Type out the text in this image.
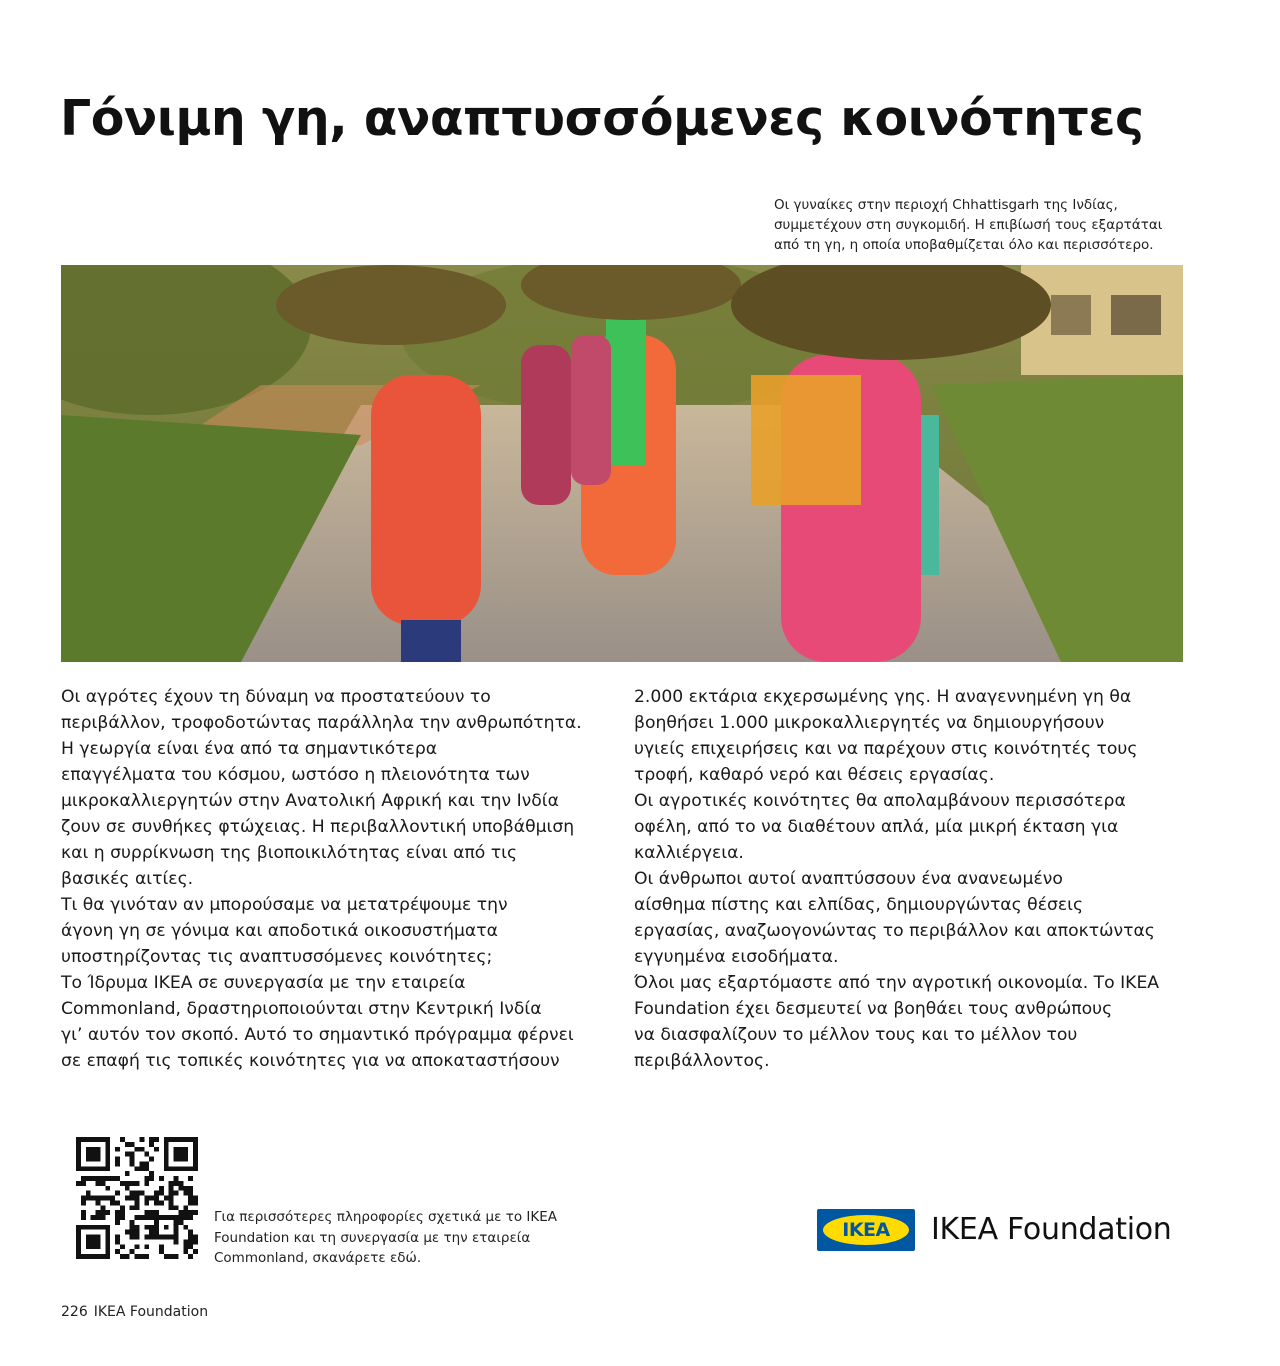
Γόνιμη γη, αναπτυσσόμενες κοινότητες
Οι γυναίκες στην περιοχή Chhattisgarh της Ινδίας,
συμμετέχουν στη συγκομιδή. Η επιβίωσή τους εξαρτάται
από τη γη, η οποία υποβαθμίζεται όλο και περισσότερο.
Οι αγρότες έχουν τη δύναμη να προστατεύουν το
περιβάλλον, τροφοδοτώντας παράλληλα την ανθρωπότητα.
Η γεωργία είναι ένα από τα σημαντικότερα
επαγγέλματα του κόσμου, ωστόσο η πλειονότητα των
μικροκαλλιεργητών στην Ανατολική Αφρική και την Ινδία
ζουν σε συνθήκες φτώχειας. Η περιβαλλοντική υποβάθμιση
και η συρρίκνωση της βιοποικιλότητας είναι από τις
βασικές αιτίες.
Τι θα γινόταν αν μπορούσαμε να μετατρέψουμε την
άγονη γη σε γόνιμα και αποδοτικά οικοσυστήματα
υποστηρίζοντας τις αναπτυσσόμενες κοινότητες;
Το Ίδρυμα IKEA σε συνεργασία με την εταιρεία
Commonland, δραστηριοποιούνται στην Κεντρική Ινδία
γι’ αυτόν τον σκοπό. Αυτό το σημαντικό πρόγραμμα φέρνει
σε επαφή τις τοπικές κοινότητες για να αποκαταστήσουν
2.000 εκτάρια εκχερσωμένης γης. Η αναγεννημένη γη θα
βοηθήσει 1.000 μικροκαλλιεργητές να δημιουργήσουν
υγιείς επιχειρήσεις και να παρέχουν στις κοινότητές τους
τροφή, καθαρό νερό και θέσεις εργασίας.
Οι αγροτικές κοινότητες θα απολαμβάνουν περισσότερα
οφέλη, από το να διαθέτουν απλά, μία μικρή έκταση για
καλλιέργεια.
Οι άνθρωποι αυτοί αναπτύσσουν ένα ανανεωμένο
αίσθημα πίστης και ελπίδας, δημιουργώντας θέσεις
εργασίας, αναζωογονώντας το περιβάλλον και αποκτώντας
εγγυημένα εισοδήματα.
Όλοι μας εξαρτόμαστε από την αγροτική οικονομία. Το IKEA
Foundation έχει δεσμευτεί να βοηθάει τους ανθρώπους
να διασφαλίζουν το μέλλον τους και το μέλλον του
περιβάλλοντος.
Για περισσότερες πληροφορίες σχετικά με το IKEA
Foundation και τη συνεργασία με την εταιρεία
Commonland, σκανάρετε εδώ.
IKEA	IKEA Foundation
226 IKEA Foundation
